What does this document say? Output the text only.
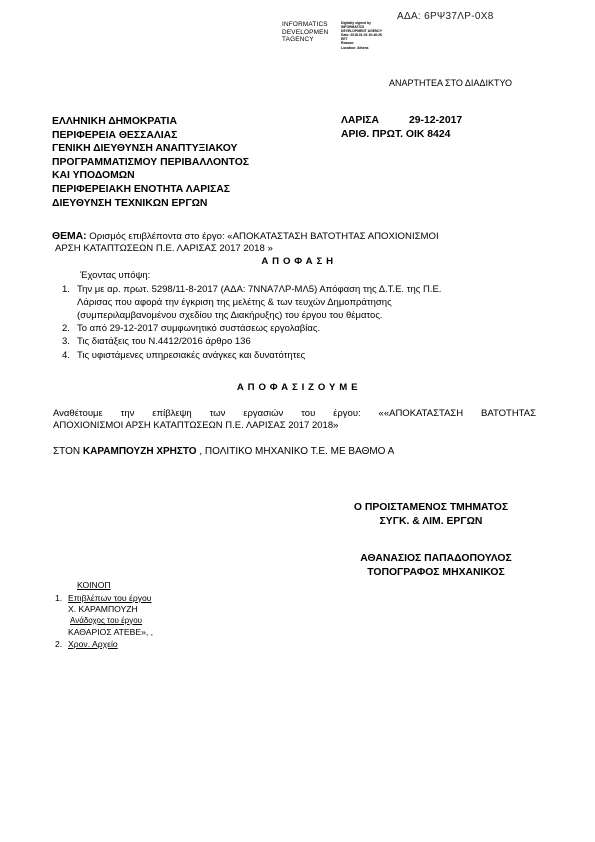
ΑΔΑ: 6ΡΨ37ΛΡ-0Χ8
INFORMATICS
DEVELOPMEN
TAGENCY
Digitally signed by
INFORMATICS
DEVELOPMENT AGENCY
Date: 2018.01.03 10:46:26
EET
Reason:
Location: Athens
ΑΝΑΡΤΗΤΕΑ ΣΤΟ ΔΙΑΔΙΚΤΥΟ
ΕΛΛΗΝΙΚΗ ΔΗΜΟΚΡΑΤΙΑ
ΠΕΡΙΦΕΡΕΙΑ ΘΕΣΣΑΛΙΑΣ
ΓΕΝΙΚΗ ΔΙΕΥΘΥΝΣΗ ΑΝΑΠΤΥΞΙΑΚΟΥ
ΠΡΟΓΡΑΜΜΑΤΙΣΜΟΥ ΠΕΡΙΒΑΛΛΟΝΤΟΣ
ΚΑΙ ΥΠΟΔΟΜΩΝ
ΠΕΡΙΦΕΡΕΙΑΚΗ ΕΝΟΤΗΤΑ ΛΑΡΙΣΑΣ
ΔΙΕΥΘΥΝΣΗ ΤΕΧΝΙΚΩΝ ΕΡΓΩΝ
ΛΑΡΙΣΑ	29-12-2017
ΑΡΙΘ. ΠΡΩΤ. ΟΙΚ 8424
ΘΕΜΑ: Ορισμός επιβλέποντα στο έργο: «ΑΠΟΚΑΤΑΣΤΑΣΗ ΒΑΤΟΤΗΤΑΣ ΑΠΟΧΙΟΝΙΣΜΟΙ
ΑΡΣΗ ΚΑΤΑΠΤΩΣΕΩΝ Π.Ε. ΛΑΡΙΣΑΣ 2017 2018 »
Α Π Ο Φ Α Σ Η
Έχοντας υπόψη:
1. Την με αρ. πρωτ. 5298/11-8-2017 (ΑΔΑ: 7ΝΝΑ7ΛΡ-ΜΛ5) Απόφαση της Δ.Τ.Ε. της Π.Ε.
Λάρισας που αφορά την έγκριση της μελέτης & των τευχών Δημοπράτησης
(συμπεριλαμβανομένου σχεδίου της Διακήρυξης) του έργου του θέματος.
2. Το από 29-12-2017 συμφωνητικό συστάσεως εργολαβίας.
3. Τις διατάξεις του Ν.4412/2016 άρθρο 136
4. Τις υφιστάμενες υπηρεσιακές ανάγκες και δυνατότητες
Α Π Ο Φ Α Σ Ι Ζ Ο Υ Μ Ε
Αναθέτουμε την επίβλεψη των εργασιών του έργου: ««ΑΠΟΚΑΤΑΣΤΑΣΗ ΒΑΤΟΤΗΤΑΣ
ΑΠΟΧΙΟΝΙΣΜΟΙ ΑΡΣΗ ΚΑΤΑΠΤΩΣΕΩΝ Π.Ε. ΛΑΡΙΣΑΣ 2017 2018»
ΣΤΟΝ ΚΑΡΑΜΠΟΥΖΗ ΧΡΗΣΤΟ , ΠΟΛΙΤΙΚΟ ΜΗΧΑΝΙΚΟ Τ.Ε. ΜΕ ΒΑΘΜΟ Α
Ο ΠΡΟΙΣΤΑΜΕΝΟΣ ΤΜΗΜΑΤΟΣ
ΣΥΓΚ. & ΛΙΜ. ΕΡΓΩΝ
ΑΘΑΝΑΣΙΟΣ ΠΑΠΑΔΟΠΟΥΛΟΣ
ΤΟΠΟΓΡΑΦΟΣ ΜΗΧΑΝΙΚΟΣ
ΚΟΙΝΟΠ
1. Επιβλέπων του έργου
Χ. ΚΑΡΑΜΠΟΥΖΗ
Ανάδοχος του έργου
ΚΑΘΑΡΙΟΣ ΑΤΕΒΕ», ,
2. Χρον. Αρχείο
